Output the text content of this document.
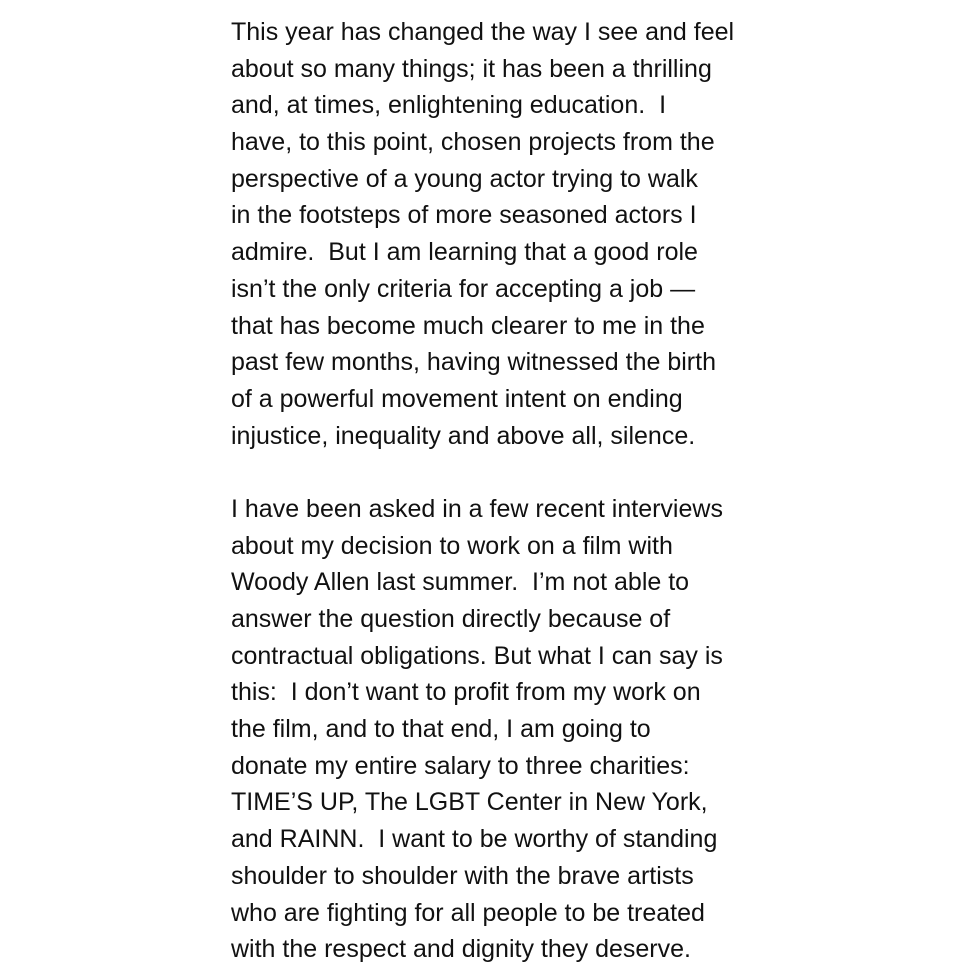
This year has changed the way I see and feel
about so many things; it has been a thrilling
and, at times, enlightening education.  I
have, to this point, chosen projects from the
perspective of a young actor trying to walk
in the footsteps of more seasoned actors I
admire.  But I am learning that a good role
isn’t the only criteria for accepting a job —
that has become much clearer to me in the
past few months, having witnessed the birth
of a powerful movement intent on ending
injustice, inequality and above all, silence.
I have been asked in a few recent interviews
about my decision to work on a film with
Woody Allen last summer.  I’m not able to
answer the question directly because of
contractual obligations. But what I can say is
this:  I don’t want to profit from my work on
the film, and to that end, I am going to
donate my entire salary to three charities:
TIME’S UP, The LGBT Center in New York,
and RAINN.  I want to be worthy of standing
shoulder to shoulder with the brave artists
who are fighting for all people to be treated
with the respect and dignity they deserve.
